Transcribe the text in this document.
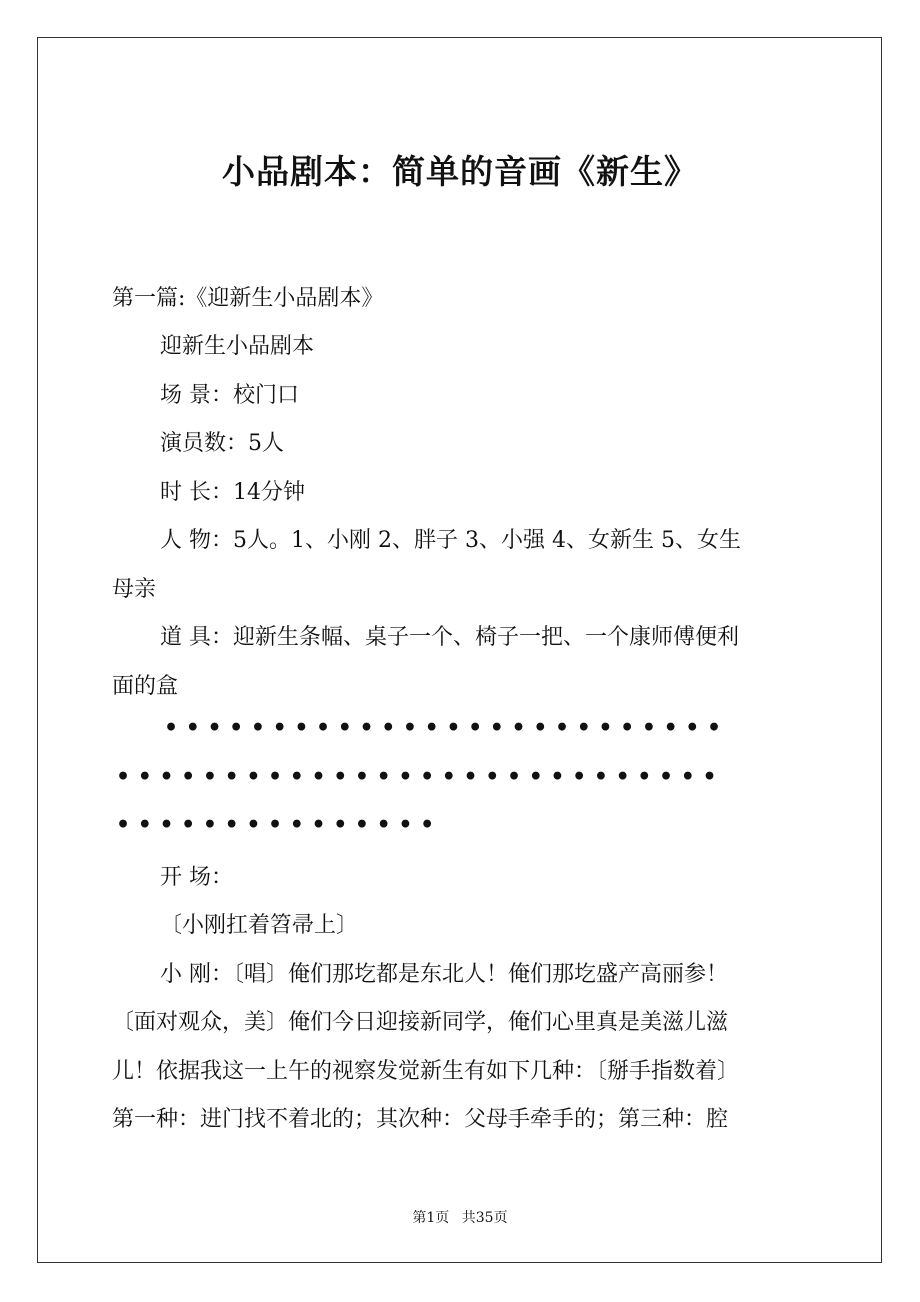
小品剧本：简单的音画《新生》
第一篇:《迎新生小品剧本》
迎新生小品剧本
场 景：校门口
演员数：5人
时 长：14分钟
人 物：5人。1、小刚 2、胖子 3、小强 4、女新生 5、女生
母亲
道 具：迎新生条幅、桌子一个、椅子一把、一个康师傅便利
面的盒
• • • • • • • • • • • • • • • • • • • • • • • • • •
• • • • • • • • • • • • • • • • • • • • • • • • • • • •
• • • • • • • • • • • • • • •
开 场：
〔小刚扛着笤帚上〕
小 刚：〔唱〕俺们那圪都是东北人！俺们那圪盛产高丽参！
〔面对观众，美〕俺们今日迎接新同学，俺们心里真是美滋儿滋
儿！依据我这一上午的视察发觉新生有如下几种：〔掰手指数着〕
第一种：进门找不着北的；其次种：父母手牵手的；第三种：腔
第1页 共35页
